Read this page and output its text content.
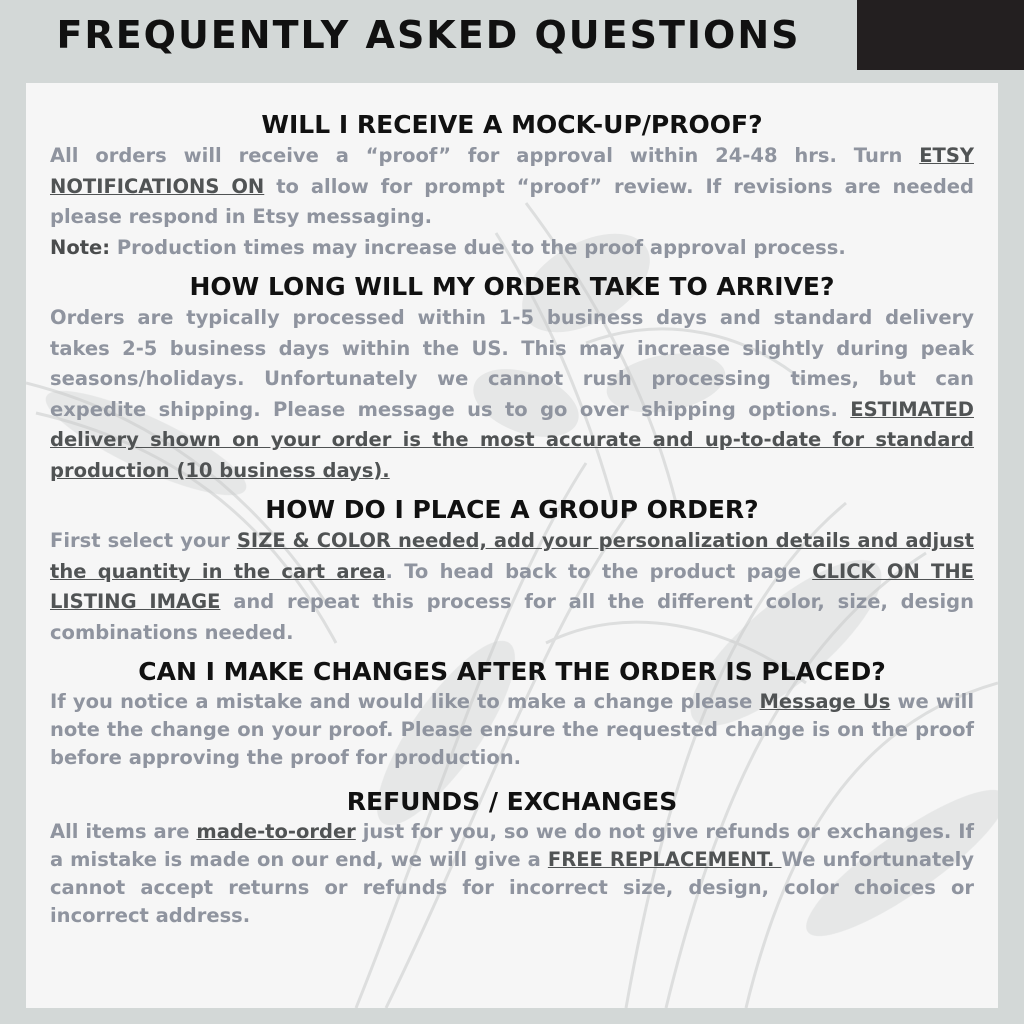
FREQUENTLY ASKED QUESTIONS
WILL I RECEIVE A MOCK-UP/PROOF?
All orders will receive a “proof” for approval within 24-48 hrs. Turn ETSY NOTIFICATIONS ON to allow for prompt “proof” review. If revisions are needed please respond in Etsy messaging.
Note: Production times may increase due to the proof approval process.
HOW LONG WILL MY ORDER TAKE TO ARRIVE?
Orders are typically processed within 1-5 business days and standard delivery takes 2-5 business days within the US. This may increase slightly during peak seasons/holidays. Unfortunately we cannot rush processing times, but can expedite shipping. Please message us to go over shipping options. ESTIMATED delivery shown on your order is the most accurate and up-to-date for standard production (10 business days).
HOW DO I PLACE A GROUP ORDER?
First select your SIZE & COLOR needed, add your personalization details and adjust the quantity in the cart area. To head back to the product page CLICK ON THE LISTING IMAGE and repeat this process for all the different color, size, design combinations needed.
CAN I MAKE CHANGES AFTER THE ORDER IS PLACED?
If you notice a mistake and would like to make a change please Message Us we will note the change on your proof. Please ensure the requested change is on the proof before approving the proof for production.
REFUNDS / EXCHANGES
All items are made-to-order just for you, so we do not give refunds or exchanges. If a mistake is made on our end, we will give a FREE REPLACEMENT. We unfortunately cannot accept returns or refunds for incorrect size, design, color choices or incorrect address.
